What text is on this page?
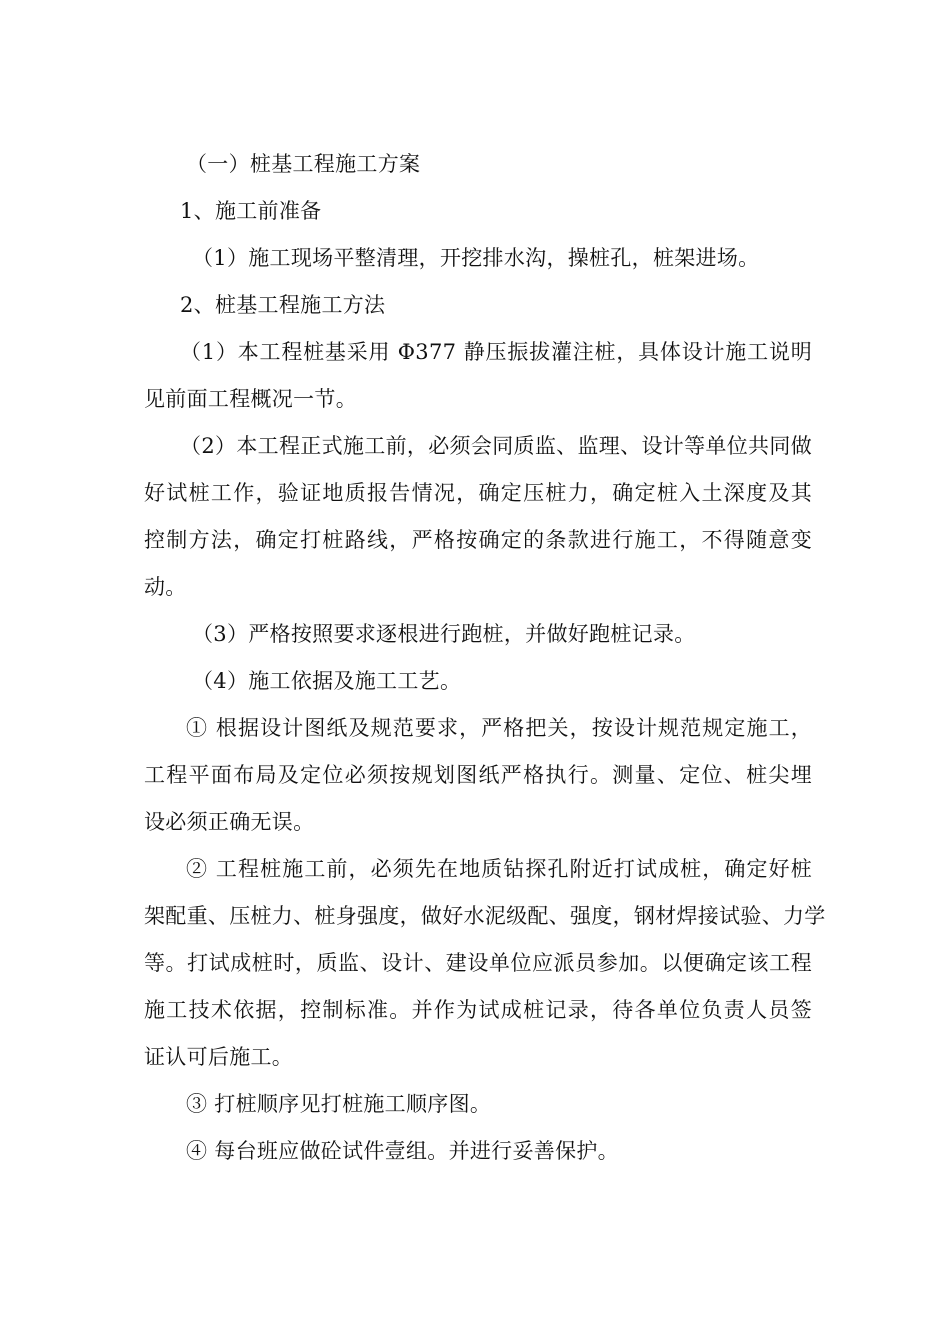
（一）桩基工程施工方案
1、施工前准备
（1）施工现场平整清理，开挖排水沟，操桩孔，桩架进场。
2、桩基工程施工方法
（1）本工程桩基采用 Φ377 静压振拔灌注桩，具体设计施工说明
见前面工程概况一节。
（2）本工程正式施工前，必须会同质监、监理、设计等单位共同做
好试桩工作，验证地质报告情况，确定压桩力，确定桩入土深度及其
控制方法，确定打桩路线，严格按确定的条款进行施工，不得随意变
动。
（3）严格按照要求逐根进行跑桩，并做好跑桩记录。
（4）施工依据及施工工艺。
① 根据设计图纸及规范要求，严格把关，按设计规范规定施工，
工程平面布局及定位必须按规划图纸严格执行。测量、定位、桩尖埋
设必须正确无误。
② 工程桩施工前，必须先在地质钻探孔附近打试成桩，确定好桩
架配重、压桩力、桩身强度，做好水泥级配、强度，钢材焊接试验、力学
等。打试成桩时，质监、设计、建设单位应派员参加。以便确定该工程
施工技术依据，控制标准。并作为试成桩记录，待各单位负责人员签
证认可后施工。
③ 打桩顺序见打桩施工顺序图。
④ 每台班应做砼试件壹组。并进行妥善保护。
